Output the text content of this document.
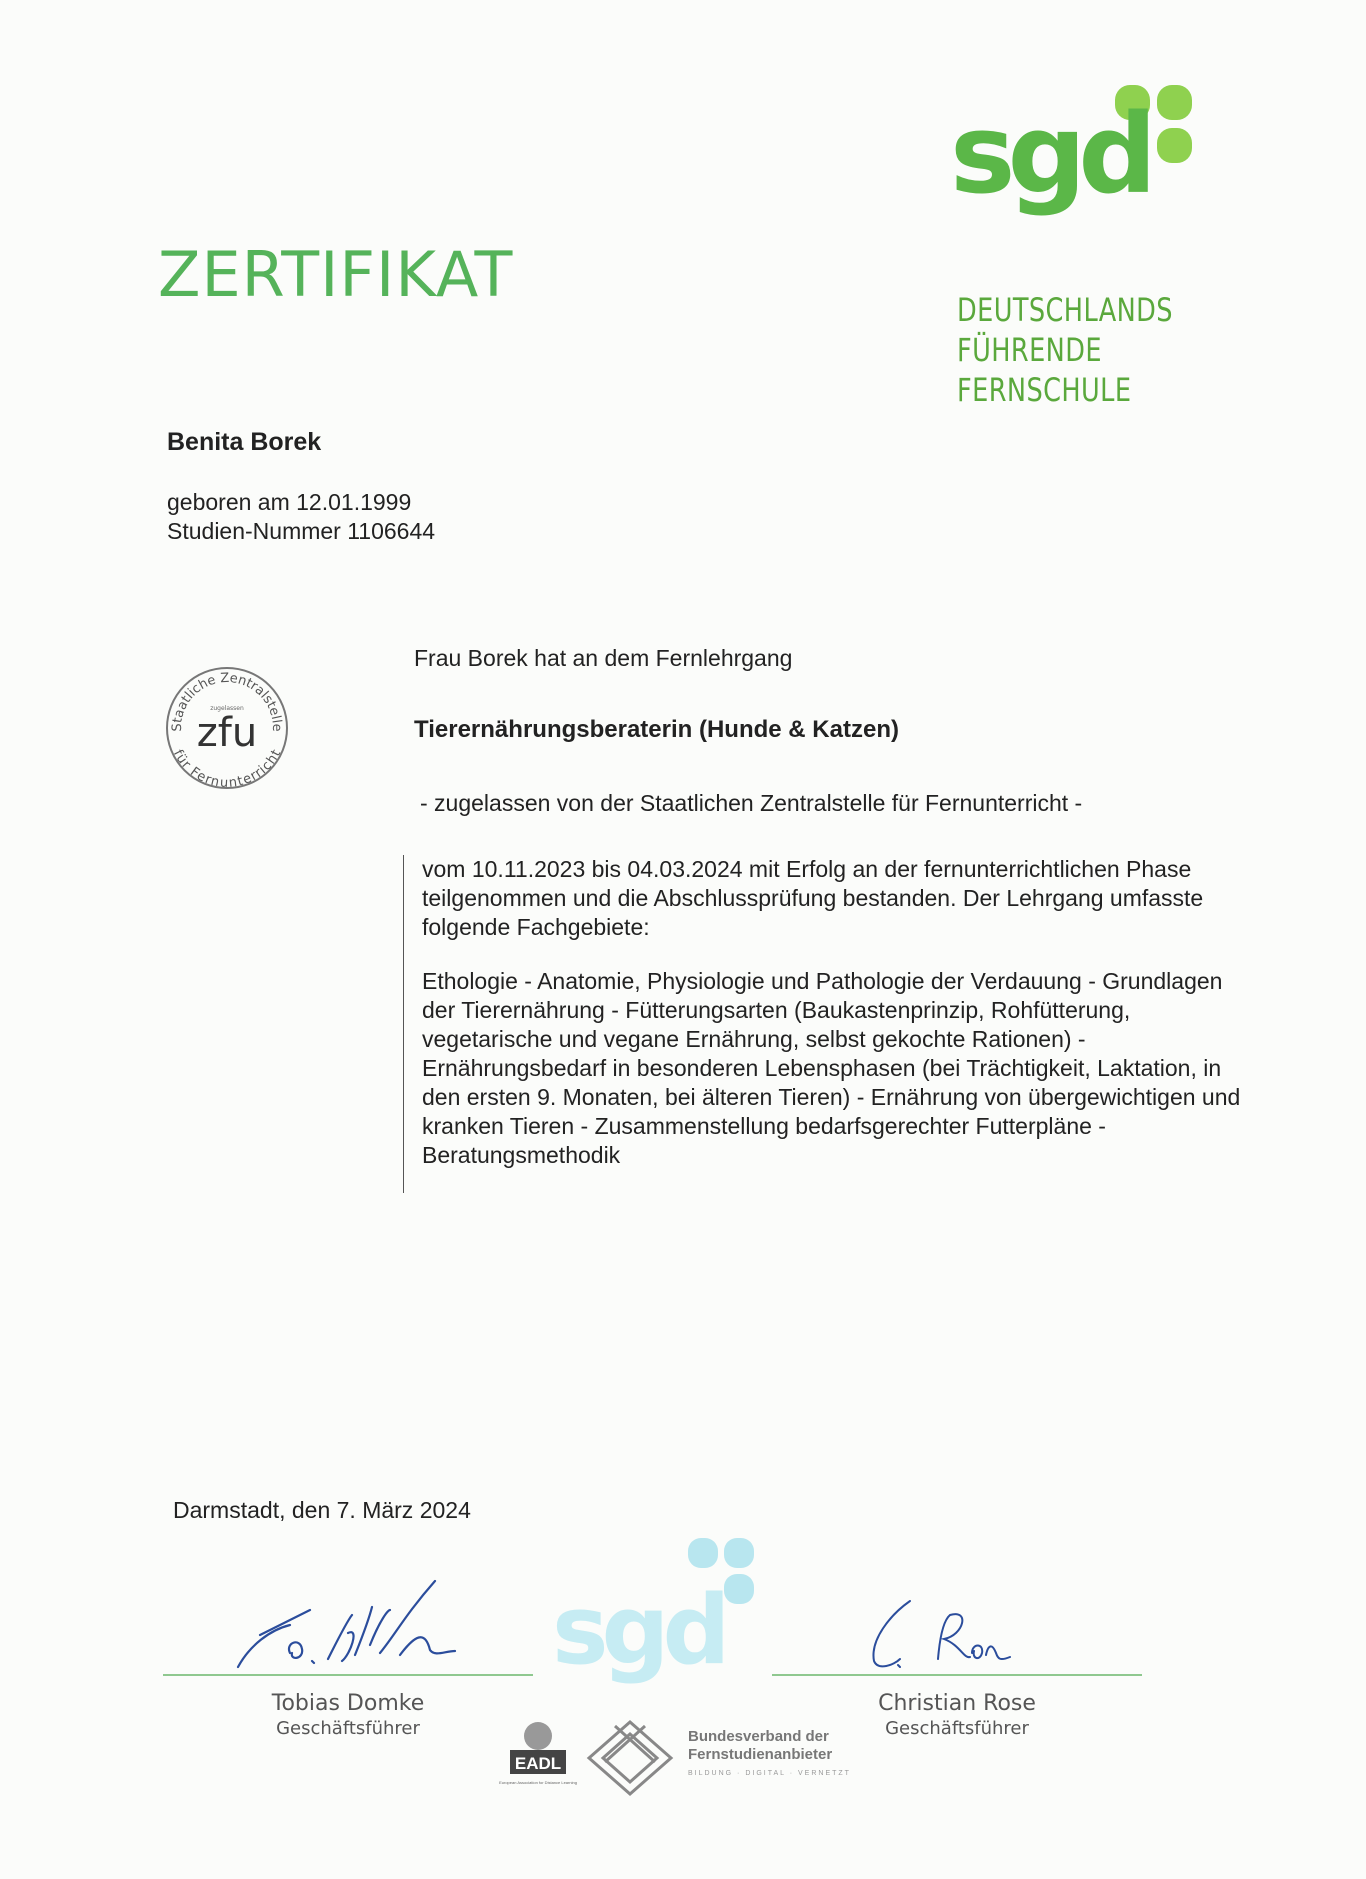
ZERTIFIKAT
sgd
DEUTSCHLANDS
FÜHRENDE FERNSCHULE
Benita Borek
geboren am 12.01.1999
Studien-Nummer 1106644
Staatliche Zentralstelle
für Fernunterricht
zugelassen
zfu
Frau Borek hat an dem Fernlehrgang
Tierernährungsberaterin (Hunde & Katzen)
- zugelassen von der Staatlichen Zentralstelle für Fernunterricht -
vom 10.11.2023 bis 04.03.2024 mit Erfolg an der fernunterrichtlichen Phase teilgenommen und die Abschlussprüfung bestanden. Der Lehrgang umfasste folgende Fachgebiete:
Ethologie - Anatomie, Physiologie und Pathologie der Verdauung - Grundlagen der Tierernährung - Fütterungsarten (Baukastenprinzip, Rohfütterung, vegetarische und vegane Ernährung, selbst gekochte Rationen) - Ernährungsbedarf in besonderen Lebensphasen (bei Trächtigkeit, Laktation, in den ersten 9. Monaten, bei älteren Tieren) - Ernährung von übergewichtigen und kranken Tieren - Zusammenstellung bedarfsgerechter Futterpläne - Beratungsmethodik
Darmstadt, den 7. März 2024
sgd
Tobias Domke
Geschäftsführer
Christian Rose
Geschäftsführer
EADL
European Association for Distance Learning
Bundesverband der
Fernstudienanbieter
BILDUNG · DIGITAL · VERNETZT
